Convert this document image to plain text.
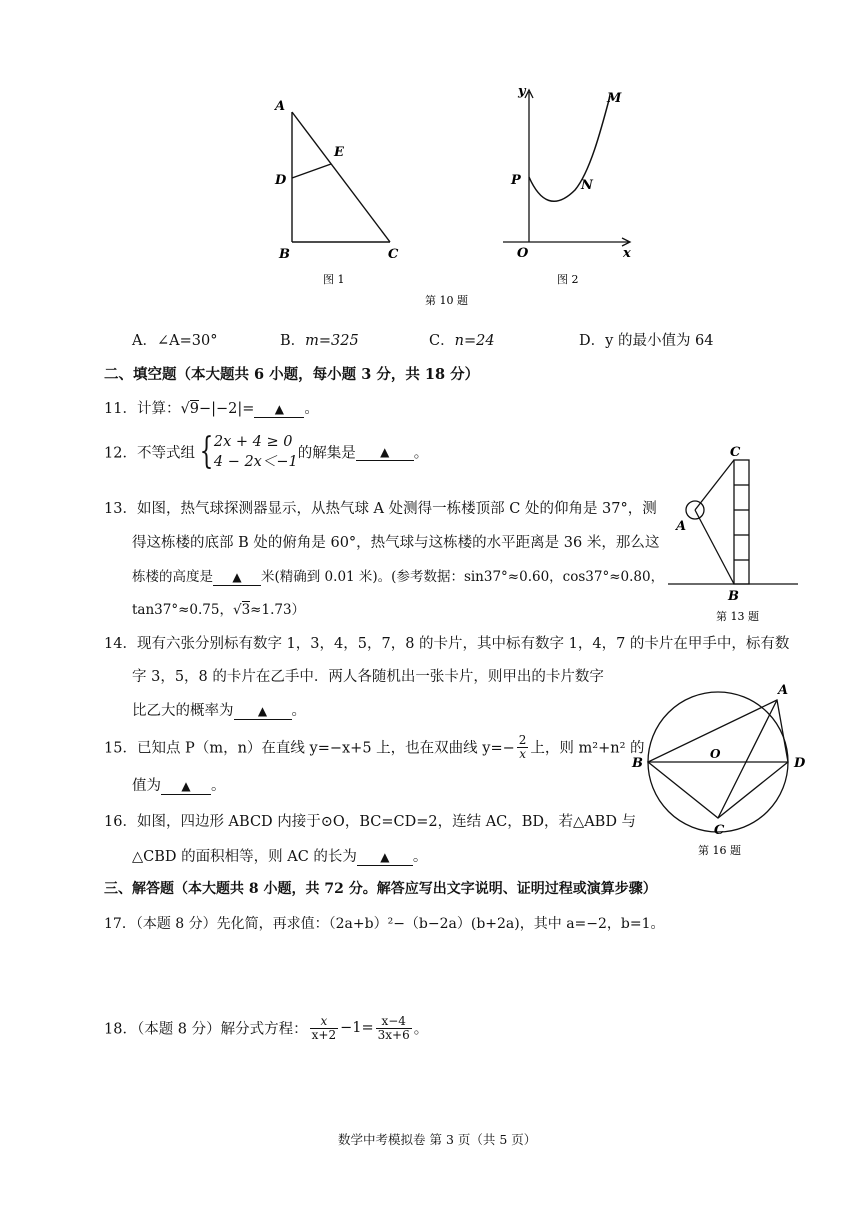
A
E
D
B	C
图 1
y	M
P	N
O	x
图 2
第 10 题
A．∠A=30°	B．m=325	C．n=24	D．y 的最小值为 64
二、填空题（本大题共 6 小题，每小题 3 分，共 18 分）
11．计算：√9−|−2|= ▲ 。
12．不等式组 { 2x + 4 ≥ 0
4 − 2x＜−1
的解集是 ▲ 。
13．如图，热气球探测器显示，从热气球 A 处测得一栋楼顶部 C 处的仰角是 37°，测
得这栋楼的底部 B 处的俯角是 60°，热气球与这栋楼的水平距离是 36 米，那么这
栋楼的高度是 ▲ 米(精确到 0.01 米)。(参考数据：sin37°≈0.60，cos37°≈0.80，
tan37°≈0.75，√3≈1.73）
C
A
B
第 13 题
14．现有六张分别标有数字 1，3，4，5，7，8 的卡片，其中标有数字 1，4，7 的卡片在甲手中，标有数
字 3，5，8 的卡片在乙手中．两人各随机出一张卡片，则甲出的卡片数字
比乙大的概率为 ▲ 。
A
O
B	D
C
第 16 题
15．已知点 P（m，n）在直线 y=−x+5 上，也在双曲线 $y=- \frac{2}{x}$ 上，则 m²+n² 的
值为 ▲ 。
16．如图，四边形 ABCD 内接于⊙O，BC=CD=2，连结 AC，BD，若△ABD 与
△CBD 的面积相等，则 AC 的长为 ▲ 。
三、解答题（本大题共 8 小题，共 72 分。解答应写出文字说明、证明过程或演算步骤）
17．（本题 8 分）先化简，再求值：（2a+b）²−（b−2a）(b+2a)，其中 a=−2，b=1。
18．（本题 8 分）解分式方程： $\frac{x}{x+2} -1= \frac{x-4}{3x+6}$ 。
数学中考模拟卷 第 3 页（共 5 页）
